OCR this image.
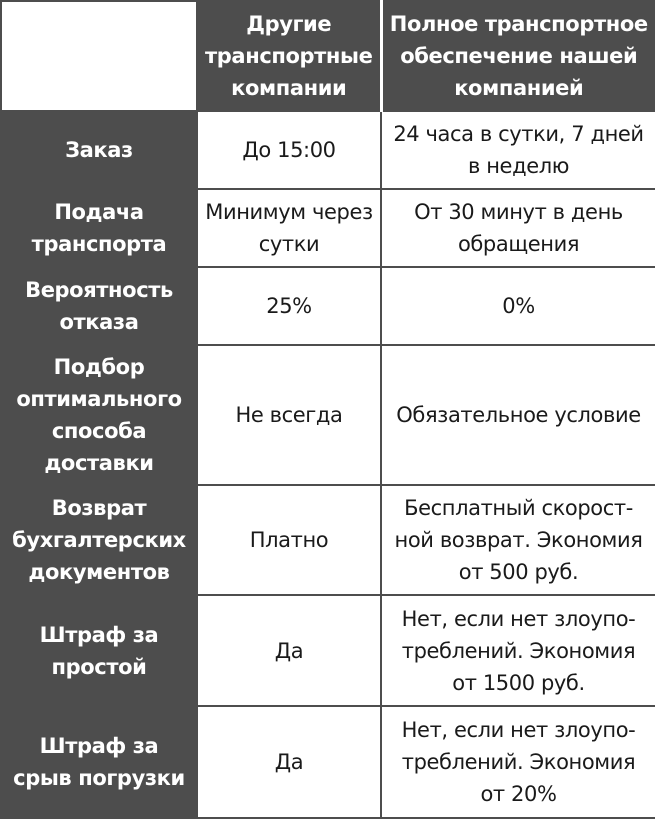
	Другие транспортные компании	Полное транспортное обеспечение нашей компанией
Заказ	До 15:00	24 часа в сутки, 7 дней в неделю
Подача транспорта	Минимум через сутки	От 30 минут в день обращения
Вероятность отказа	25%	0%
Подбор оптимального способа доставки	Не всегда	Обязательное условие
Возврат бухгалтерских документов	Платно	Бесплатный скорост-ной возврат. Экономия от 500 руб.
Штраф за простой	Да	Нет, если нет злоупо-треблений. Экономия от 1500 руб.
Штраф за срыв погрузки	Да	Нет, если нет злоупо-треблений. Экономия от 20%
